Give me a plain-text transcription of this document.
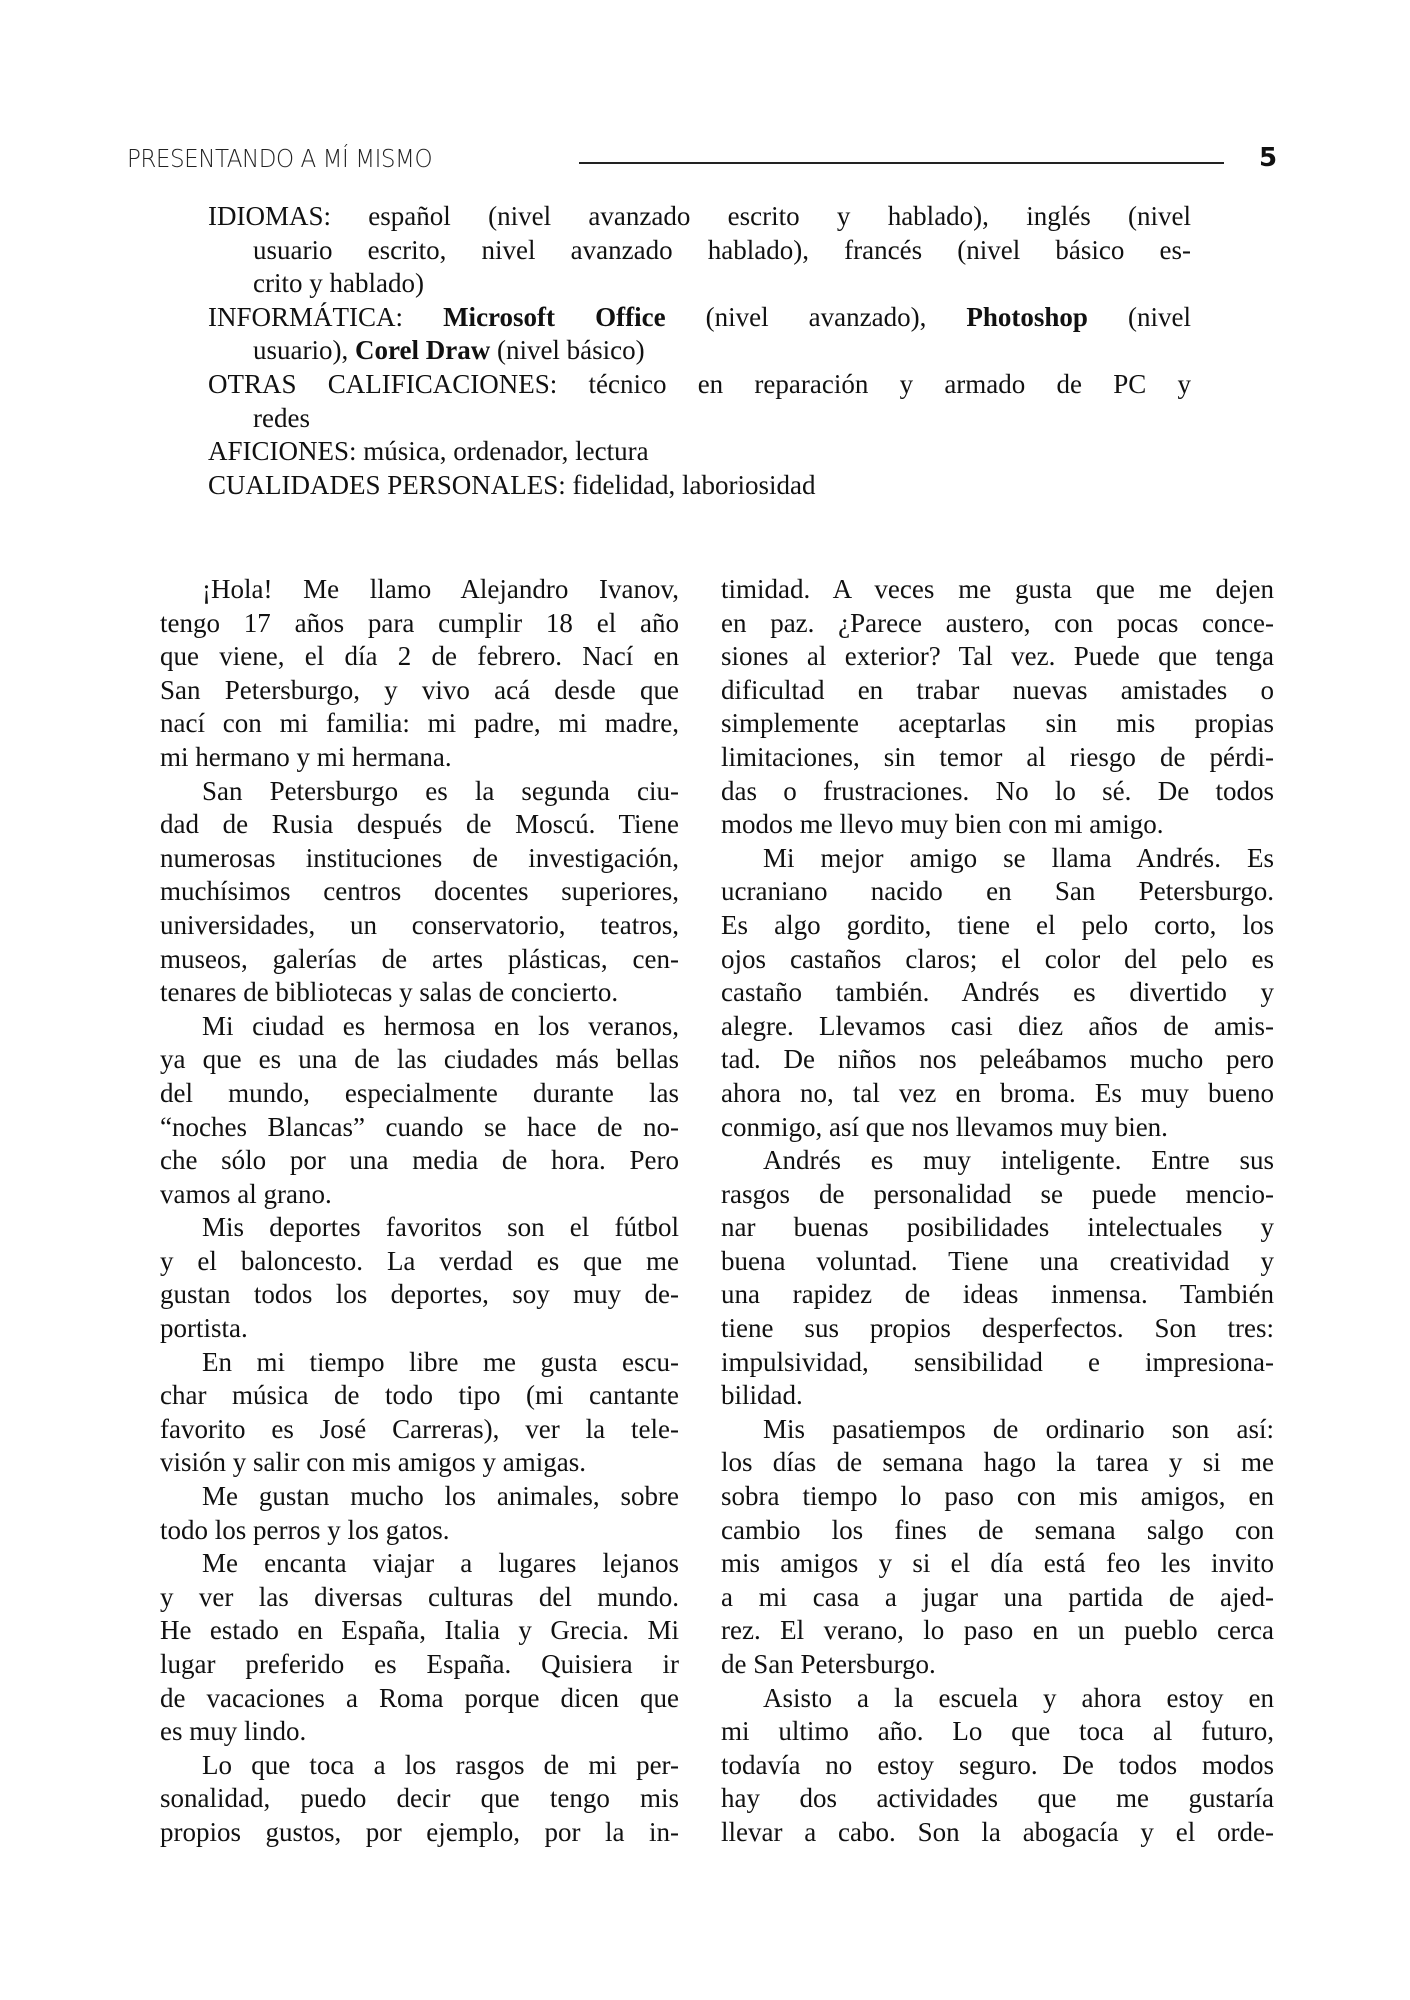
PRESENTANDO A MÍ MISMO	5
IDIOMAS: español (nivel avanzado escrito y hablado), inglés (nivel
usuario escrito, nivel avanzado hablado), francés (nivel básico es-
crito y hablado)
INFORMÁTICA: Microsoft Office (nivel avanzado), Photoshop (nivel
usuario), Corel Draw (nivel básico)
OTRAS CALIFICACIONES: técnico en reparación y armado de PC y
redes
AFICIONES: música, ordenador, lectura
CUALIDADES PERSONALES: fidelidad, laboriosidad
¡Hola! Me llamo Alejandro Ivanov,
tengo 17 años para cumplir 18 el año
que viene, el día 2 de febrero. Nací en
San Petersburgo, y vivo acá desde que
nací con mi familia: mi padre, mi madre,
mi hermano y mi hermana.
San Petersburgo es la segunda ciu-
dad de Rusia después de Moscú. Tiene
numerosas instituciones de investigación,
muchísimos centros docentes superiores,
universidades, un conservatorio, teatros,
museos, galerías de artes plásticas, cen-
tenares de bibliotecas y salas de concierto.
Mi ciudad es hermosa en los veranos,
ya que es una de las ciudades más bellas
del mundo, especialmente durante las
“noches Blancas” cuando se hace de no-
che sólo por una media de hora. Pero
vamos al grano.
Mis deportes favoritos son el fútbol
y el baloncesto. La verdad es que me
gustan todos los deportes, soy muy de-
portista.
En mi tiempo libre me gusta escu-
char música de todo tipo (mi cantante
favorito es José Carreras), ver la tele-
visión y salir con mis amigos y amigas.
Me gustan mucho los animales, sobre
todo los perros y los gatos.
Me encanta viajar a lugares lejanos
y ver las diversas culturas del mundo.
He estado en España, Italia y Grecia. Mi
lugar preferido es España. Quisiera ir
de vacaciones a Roma porque dicen que
es muy lindo.
Lo que toca a los rasgos de mi per-
sonalidad, puedo decir que tengo mis
propios gustos, por ejemplo, por la in-
timidad. A veces me gusta que me dejen
en paz. ¿Parece austero, con pocas conce-
siones al exterior? Tal vez. Puede que tenga
dificultad en trabar nuevas amistades o
simplemente aceptarlas sin mis propias
limitaciones, sin temor al riesgo de pérdi-
das o frustraciones. No lo sé. De todos
modos me llevo muy bien con mi amigo.
Mi mejor amigo se llama Andrés. Es
ucraniano nacido en San Petersburgo.
Es algo gordito, tiene el pelo corto, los
ojos castaños claros; el color del pelo es
castaño también. Andrés es divertido y
alegre. Llevamos casi diez años de amis-
tad. De niños nos peleábamos mucho pero
ahora no, tal vez en broma. Es muy bueno
conmigo, así que nos llevamos muy bien.
Andrés es muy inteligente. Entre sus
rasgos de personalidad se puede mencio-
nar buenas posibilidades intelectuales y
buena voluntad. Tiene una creatividad y
una rapidez de ideas inmensa. También
tiene sus propios desperfectos. Son tres:
impulsividad, sensibilidad e impresiona-
bilidad.
Mis pasatiempos de ordinario son así:
los días de semana hago la tarea y si me
sobra tiempo lo paso con mis amigos, en
cambio los fines de semana salgo con
mis amigos y si el día está feo les invito
a mi casa a jugar una partida de ajed-
rez. El verano, lo paso en un pueblo cerca
de San Petersburgo.
Asisto a la escuela y ahora estoy en
mi ultimo año. Lo que toca al futuro,
todavía no estoy seguro. De todos modos
hay dos actividades que me gustaría
llevar a cabo. Son la abogacía y el orde-
